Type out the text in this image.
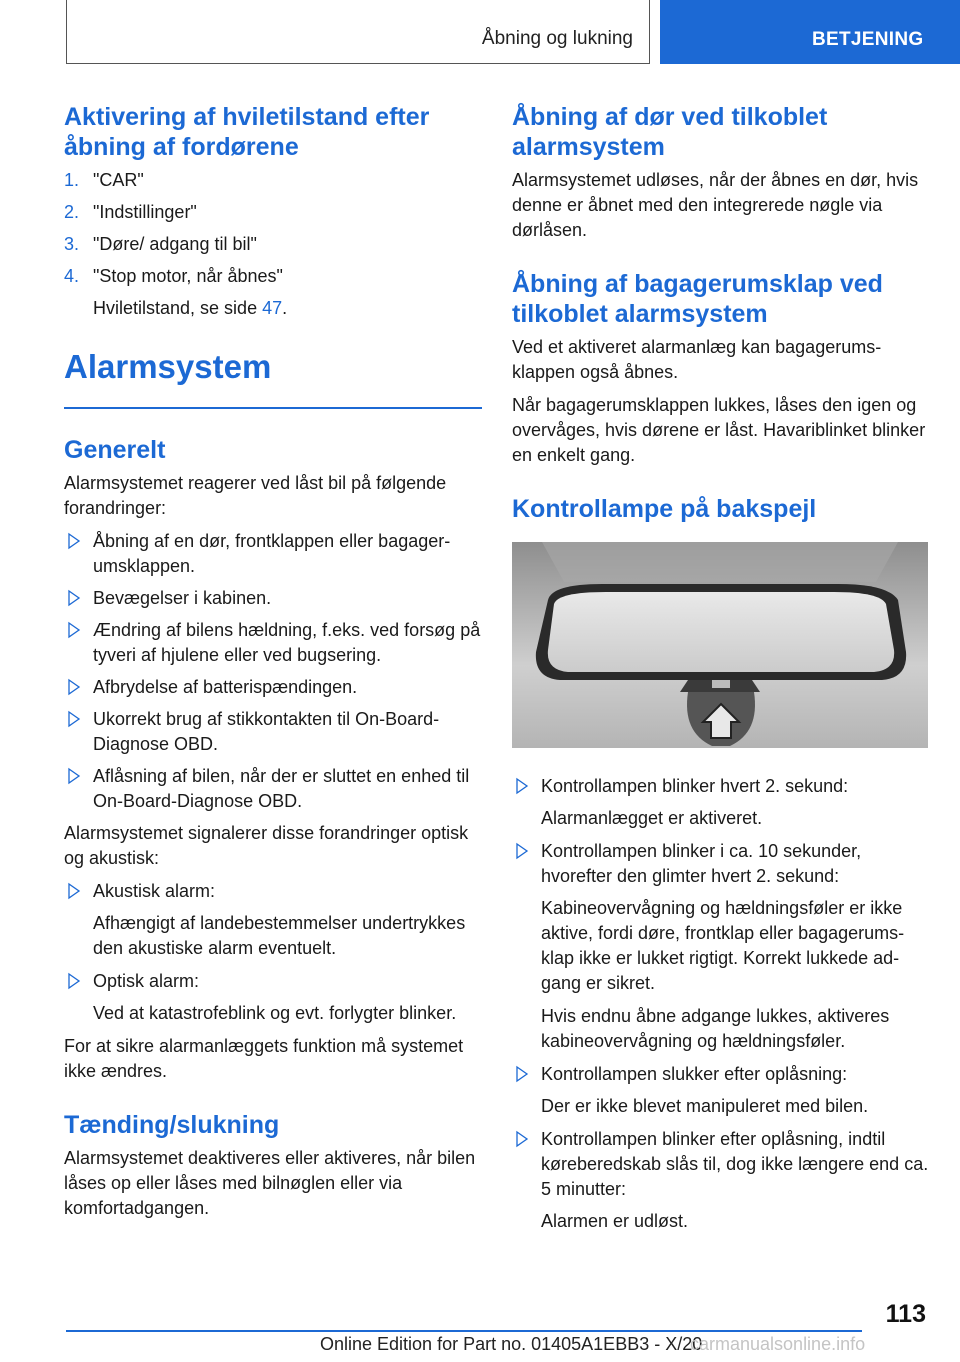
Åbning og lukning	BETJENING
Aktivering af hviletilstand efter åbning af fordørene
1. "CAR"
2. "Indstillinger"
3. "Døre/ adgang til bil"
4. "Stop motor, når åbnes"

Hviletilstand, se side 47.

Alarmsystem
Generelt

Alarmsystemet reagerer ved låst bil på følgende forandringer:

Åbning af en dør, frontklappen eller bagagerumsklappen.
Bevægelser i kabinen.
Ændring af bilens hældning, f.eks. ved forsøg på tyveri af hjulene eller ved bugsering.
Afbrydelse af batterispændingen.
Ukorrekt brug af stikkontakten til On-Board-Diagnose OBD.
Aflåsning af bilen, når der er sluttet en enhed til On-Board-Diagnose OBD.

Alarmsystemet signalerer disse forandringer optisk og akustisk:

Akustisk alarm:

Afhængigt af landebestemmelser undertrykkes den akustiske alarm eventuelt.

Optisk alarm:

Ved at katastrofeblink og evt. forlygter blinker.

For at sikre alarmanlæggets funktion må systemet ikke ændres.

Tænding/slukning

Alarmsystemet deaktiveres eller aktiveres, når bilen låses op eller låses med bilnøglen eller via komfortadgangen.

Åbning af dør ved tilkoblet alarmsystem

Alarmsystemet udløses, når der åbnes en dør, hvis denne er åbnet med den integrerede nøgle via dørlåsen.

Åbning af bagagerumsklap ved tilkoblet alarmsystem

Ved et aktiveret alarmanlæg kan bagagerumsklappen også åbnes.

Når bagagerumsklappen lukkes, låses den igen og overvåges, hvis dørene er låst. Havariblinket blinker en enkelt gang.

Kontrollampe på bakspejl
Kontrollampen blinker hvert 2. sekund:

Alarmanlægget er aktiveret.

Kontrollampen blinker i ca. 10 sekunder, hvorefter den glimter hvert 2. sekund:

Kabineovervågning og hældningsføler er ikke aktive, fordi døre, frontklap eller bagagerumsklap ikke er lukket rigtigt. Korrekt lukkede adgang er sikret.

Hvis endnu åbne adgange lukkes, aktiveres kabineovervågning og hældningsføler.

Kontrollampen slukker efter oplåsning:

Der er ikke blevet manipuleret med bilen.

Kontrollampen blinker efter oplåsning, indtil køreberedskab slås til, dog ikke længere end ca. 5 minutter:

Alarmen er udløst.

113
Online Edition for Part no. 01405A1EBB3 - X/20
carmanualsonline.info
